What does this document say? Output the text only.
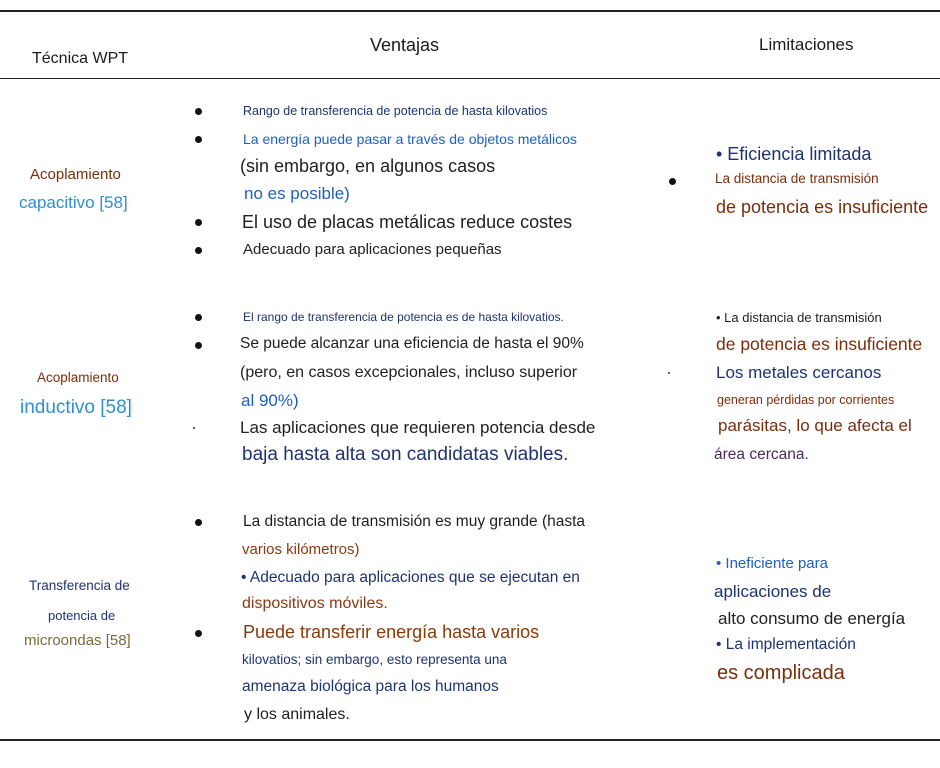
Técnica WPT
Ventajas	Limitaciones
Acoplamiento
capacitivo [58]
Rango de transferencia de potencia de hasta kilovatios
La energía puede pasar a través de objetos metálicos
(sin embargo, en algunos casos
no es posible)
El uso de placas metálicas reduce costes
Adecuado para aplicaciones pequeñas
• Eficiencia limitada
La distancia de transmisión
de potencia es insuficiente
Acoplamiento
inductivo [58]
El rango de transferencia de potencia es de hasta kilovatios.
Se puede alcanzar una eficiencia de hasta el 90%
(pero, en casos excepcionales, incluso superior
al 90%)
Las aplicaciones que requieren potencia desde
baja hasta alta son candidatas viables.
• La distancia de transmisión
de potencia es insuficiente
Los metales cercanos
generan pérdidas por corrientes
parásitas, lo que afecta el
área cercana.
Transferencia de
potencia de
microondas [58]
La distancia de transmisión es muy grande (hasta
varios kilómetros)
• Adecuado para aplicaciones que se ejecutan en
dispositivos móviles.
Puede transferir energía hasta varios
kilovatios; sin embargo, esto representa una
amenaza biológica para los humanos
y los animales.
• Ineficiente para
aplicaciones de
alto consumo de energía
• La implementación
es complicada
